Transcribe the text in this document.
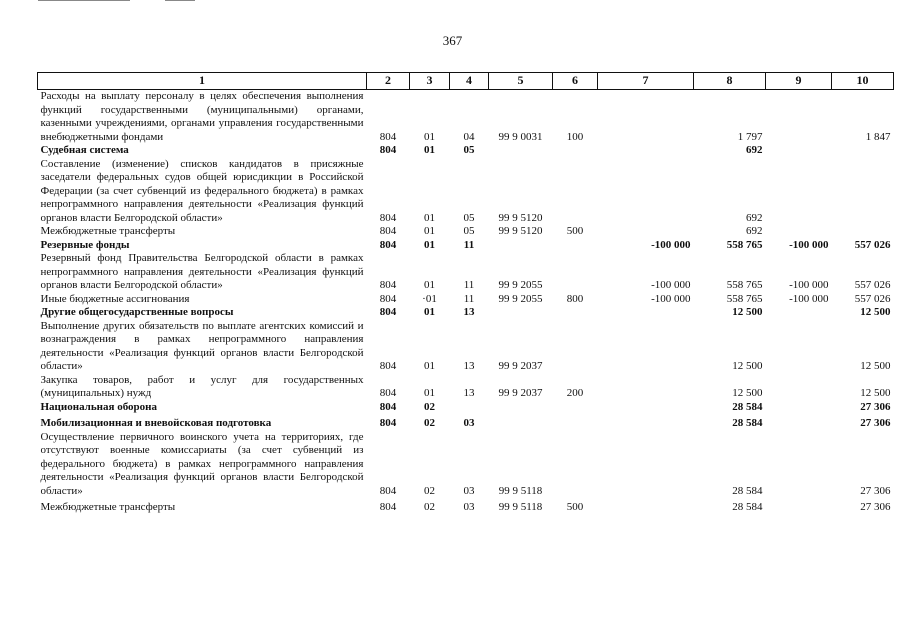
367
1	2	3	4	5	6	7	8	9	10
Расходы на выплату персоналу в целях обеспечения выполнения функций государственными (муниципальными) органами, казенными учреждениями, органами управления государственными внебюджетными фондами	804	01	04	99 9 0031	100		1 797		1 847
Судебная система	804	01	05				692		
Составление (изменение) списков кандидатов в присяжные заседатели федеральных судов общей юрисдикции в Российской Федерации (за счет субвенций из федерального бюджета) в рамках непрограммного направления деятельности «Реализация функций органов власти Белгородской области»	804	01	05	99 9 5120			692		
Межбюджетные трансферты	804	01	05	99 9 5120	500		692		
Резервные фонды	804	01	11			-100 000	558 765	-100 000	557 026
Резервный фонд Правительства Белгородской области в рамках непрограммного направления деятельности «Реализация функций органов власти Белгородской области»	804	01	11	99 9 2055		-100 000	558 765	-100 000	557 026
Иные бюджетные ассигнования	804	·01	11	99 9 2055	800	-100 000	558 765	-100 000	557 026
Другие общегосударственные вопросы	804	01	13				12 500		12 500
Выполнение других обязательств по выплате агентских комиссий и вознаграждения в рамках непрограммного направления деятельности «Реализация функций органов власти Белгородской области»	804	01	13	99 9 2037			12 500		12 500
Закупка товаров, работ и услуг для государственных (муниципальных) нужд	804	01	13	99 9 2037	200		12 500		12 500
Национальная оборона	804	02					28 584		27 306
Мобилизационная и вневойсковая подготовка	804	02	03				28 584		27 306
Осуществление первичного воинского учета на территориях, где отсутствуют военные комиссариаты (за счет субвенций из федерального бюджета) в рамках непрограммного направления деятельности «Реализация функций органов власти Белгородской области»	804	02	03	99 9 5118			28 584		27 306
Межбюджетные трансферты	804	02	03	99 9 5118	500		28 584		27 306
